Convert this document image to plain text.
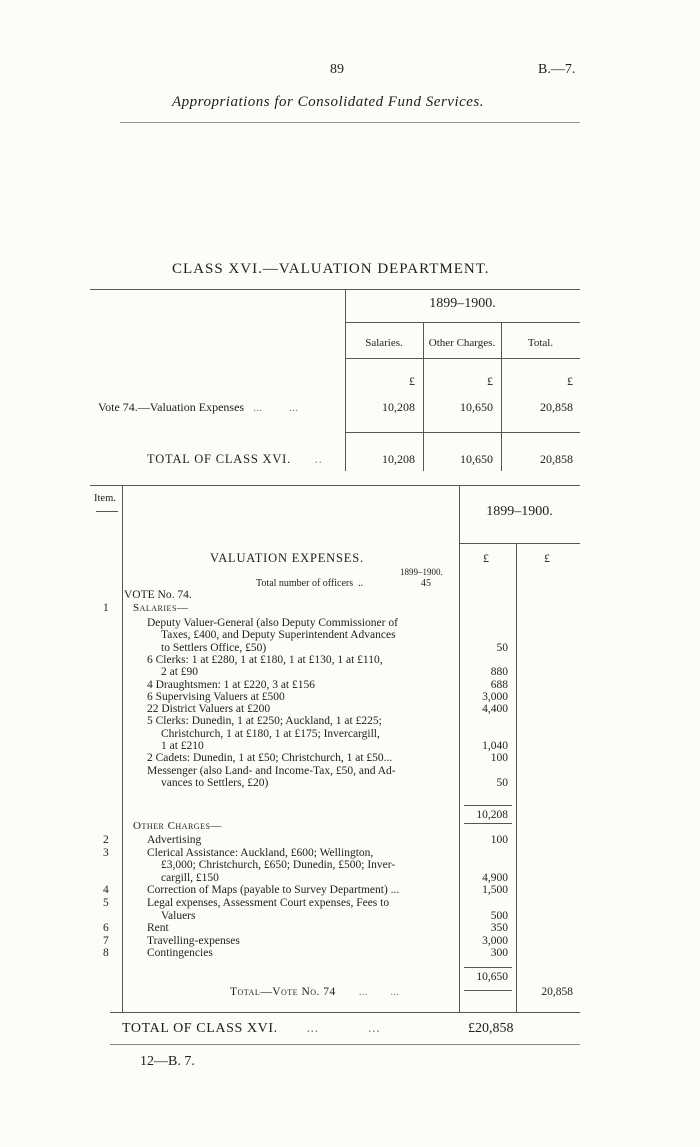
89	B.—7.
Appropriations for Consolidated Fund Services.
CLASS XVI.—VALUATION DEPARTMENT.
1899–1900.
Salaries.	Other Charges.	Total.
£	£	£
Vote 74.—Valuation Expenses   ...         ...	10,208	10,650	20,858
TOTAL OF CLASS XVI.      ..	10,208	10,650	20,858
Item.
1899–1900.
VALUATION EXPENSES.	£	£
1899–1900.
Total number of officers  ..	45
VOTE No. 74.
1 Salaries—
Deputy Valuer-General (also Deputy Commissioner of
Taxes, £400, and Deputy Superintendent Advances
to Settlers Office, £50)	50
6 Clerks: 1 at £280, 1 at £180, 1 at £130, 1 at £110,
2 at £90	880
4 Draughtsmen: 1 at £220, 3 at £156	688
6 Supervising Valuers at £500	3,000
22 District Valuers at £200	4,400
5 Clerks: Dunedin, 1 at £250; Auckland, 1 at £225;
Christchurch, 1 at £180, 1 at £175; Invercargill,
1 at £210	1,040
2 Cadets: Dunedin, 1 at £50; Christchurch, 1 at £50...	100
Messenger (also Land- and Income-Tax, £50, and Ad-
vances to Settlers, £20)	50
10,208
Other Charges—
2	Advertising	100
3	Clerical Assistance: Auckland, £600; Wellington,
£3,000; Christchurch, £650; Dunedin, £500; Inver-
cargill, £150	4,900
4	Correction of Maps (payable to Survey Department) ...	1,500
5	Legal expenses, Assessment Court expenses, Fees to
Valuers	500
6	Rent	350
7	Travelling-expenses	3,000
8	Contingencies	300
10,650
Total—Vote No. 74        ...        ...	20,858
TOTAL OF CLASS XVI.       ...            ...	£20,858
12—B. 7.
